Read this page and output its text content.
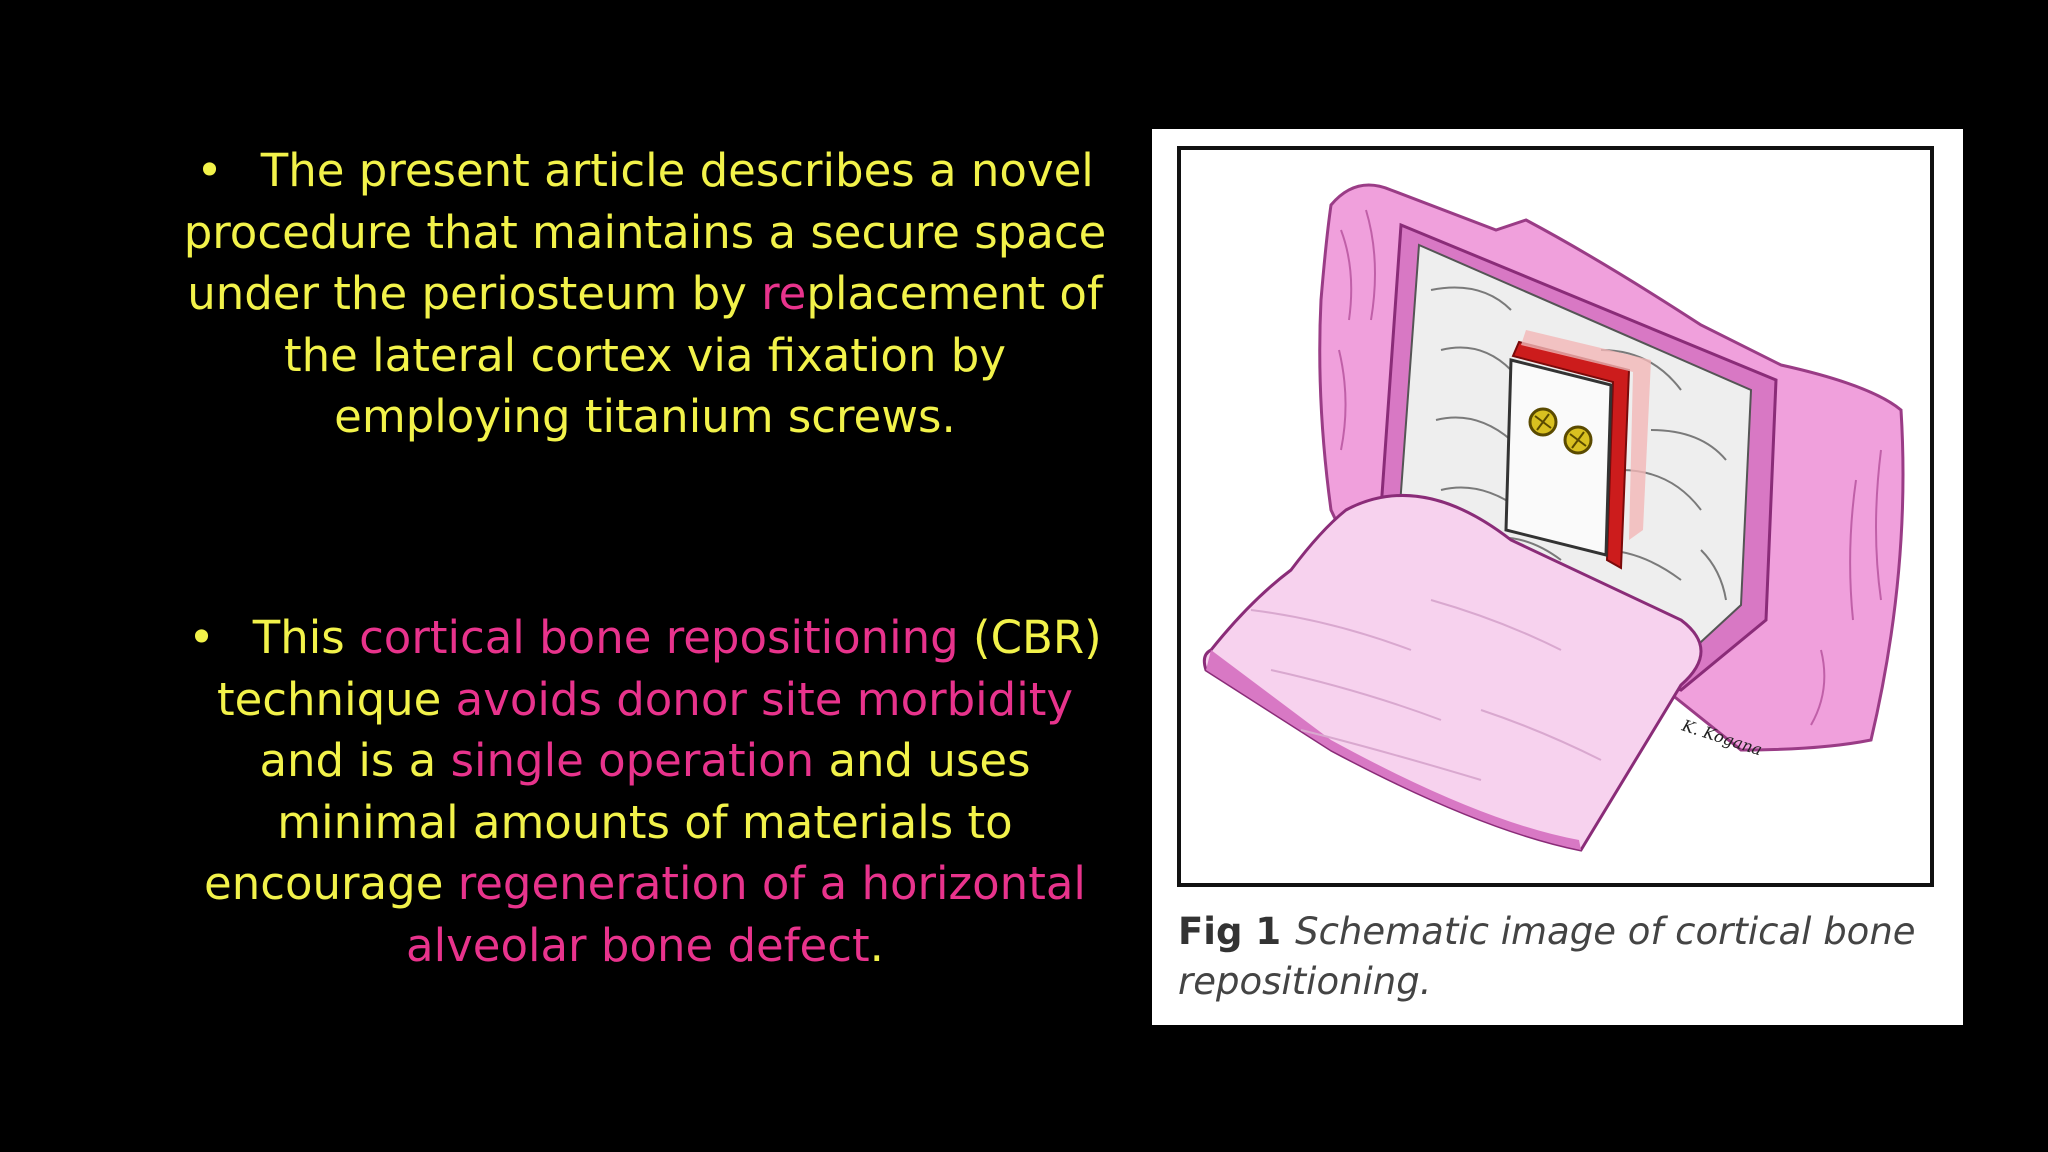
• The present article describes a novel procedure that maintains a secure space under the periosteum by replacement of the lateral cortex via fixation by employing titanium screws.
• This cortical bone repositioning (CBR) technique avoids donor site morbidity and is a single operation and uses minimal amounts of materials to encourage regeneration of a horizontal alveolar bone defect.
K. Kogana
Fig 1 Schematic image of cortical bone repositioning.
